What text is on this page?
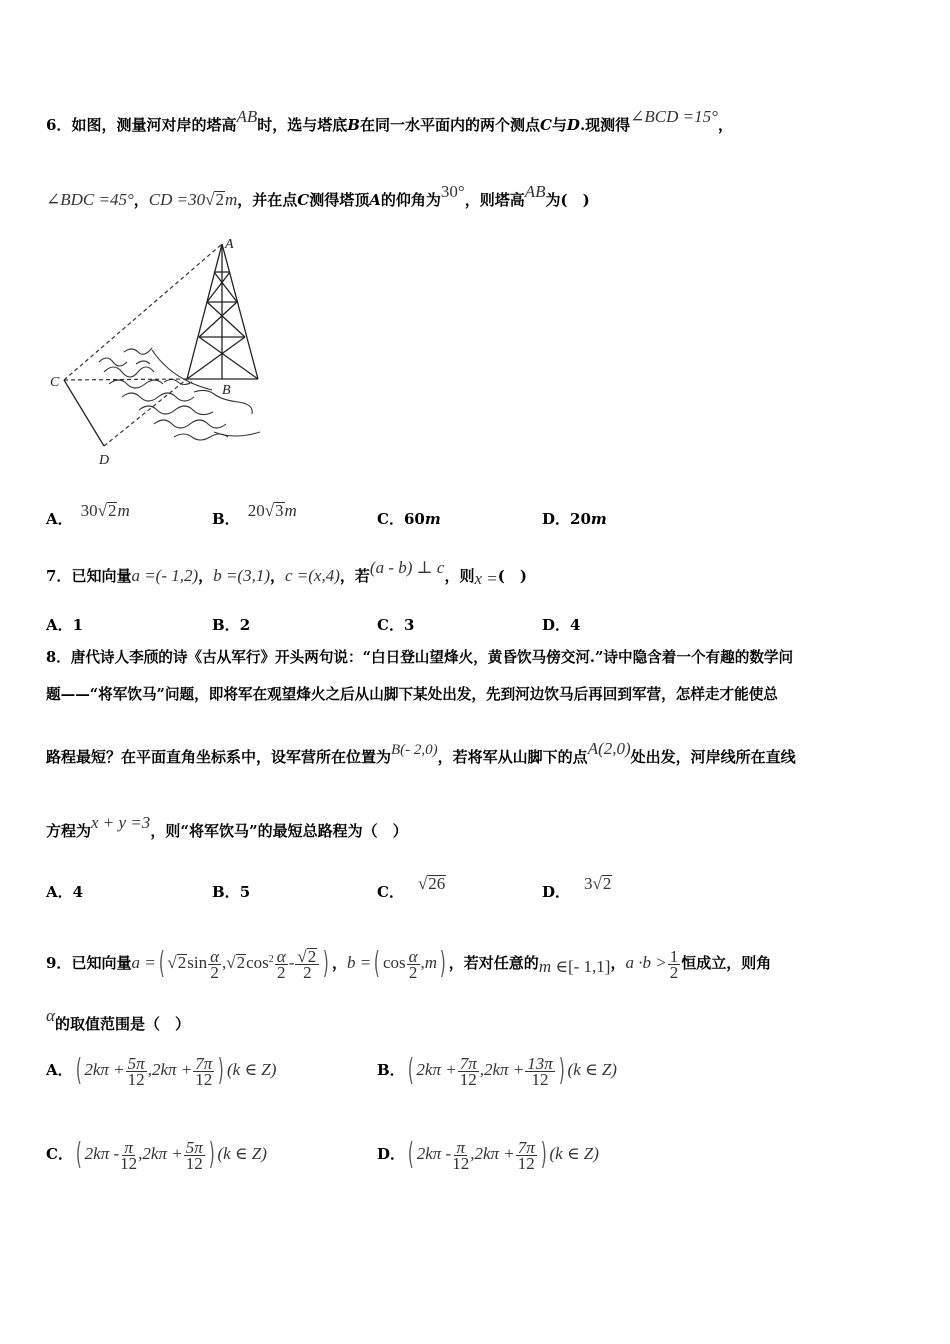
6．如图，测量河对岸的塔高AB时，选与塔底B在同一水平面内的两个测点C与D.现测得∠BCD =15°，
∠BDC =45°，CD =30√2m，并在点C测得塔顶A的仰角为30°，则塔高AB为(　)
A
B
C
D
A． 30√2m	B． 20√3m	C．60m	D．20m
7．已知向量a =(- 1,2)，b =(3,1)，c =(x,4)，若(a - b) ⊥ c，则x =(　)
A．1	B．2	C．3	D．4
8．唐代诗人李颀的诗《古从军行》开头两句说：“白日登山望烽火，黄昏饮马傍交河.”诗中隐含着一个有趣的数学问
题——“将军饮马”问题，即将军在观望烽火之后从山脚下某处出发，先到河边饮马后再回到军营，怎样走才能使总
路程最短？在平面直角坐标系中，设军营所在位置为B(- 2,0)，若将军从山脚下的点A(2,0)处出发，河岸线所在直线
方程为x + y =3，则“将军饮马”的最短总路程为（　）
A．4	B．5	C． √26	D． 3√2
9．已知向量a =( $√2\sin \frac{\alpha}{2} ,√2\cos^2 \frac{\alpha}{2} - \frac{√2}{2}$ ) ，b =( $\cos \frac{\alpha}{2} ,m$) ，若对任意的m ∈[- 1,1]，$a \cdot b > \frac{1}{2}$ 恒成立，则角
α的取值范围是（　）
A．( $2k\pi + \frac{5\pi}{12} ,2k\pi + \frac{7\pi}{12}$ ) (k ∈ Z)	B．( $2k\pi + \frac{7\pi}{12} ,2k\pi + \frac{13\pi}{12}$ ) (k ∈ Z)
C．( $2k\pi - \frac{\pi}{12} ,2k\pi + \frac{5\pi}{12}$ ) (k ∈ Z)	D．( $2k\pi - \frac{\pi}{12} ,2k\pi + \frac{7\pi}{12}$ ) (k ∈ Z)
